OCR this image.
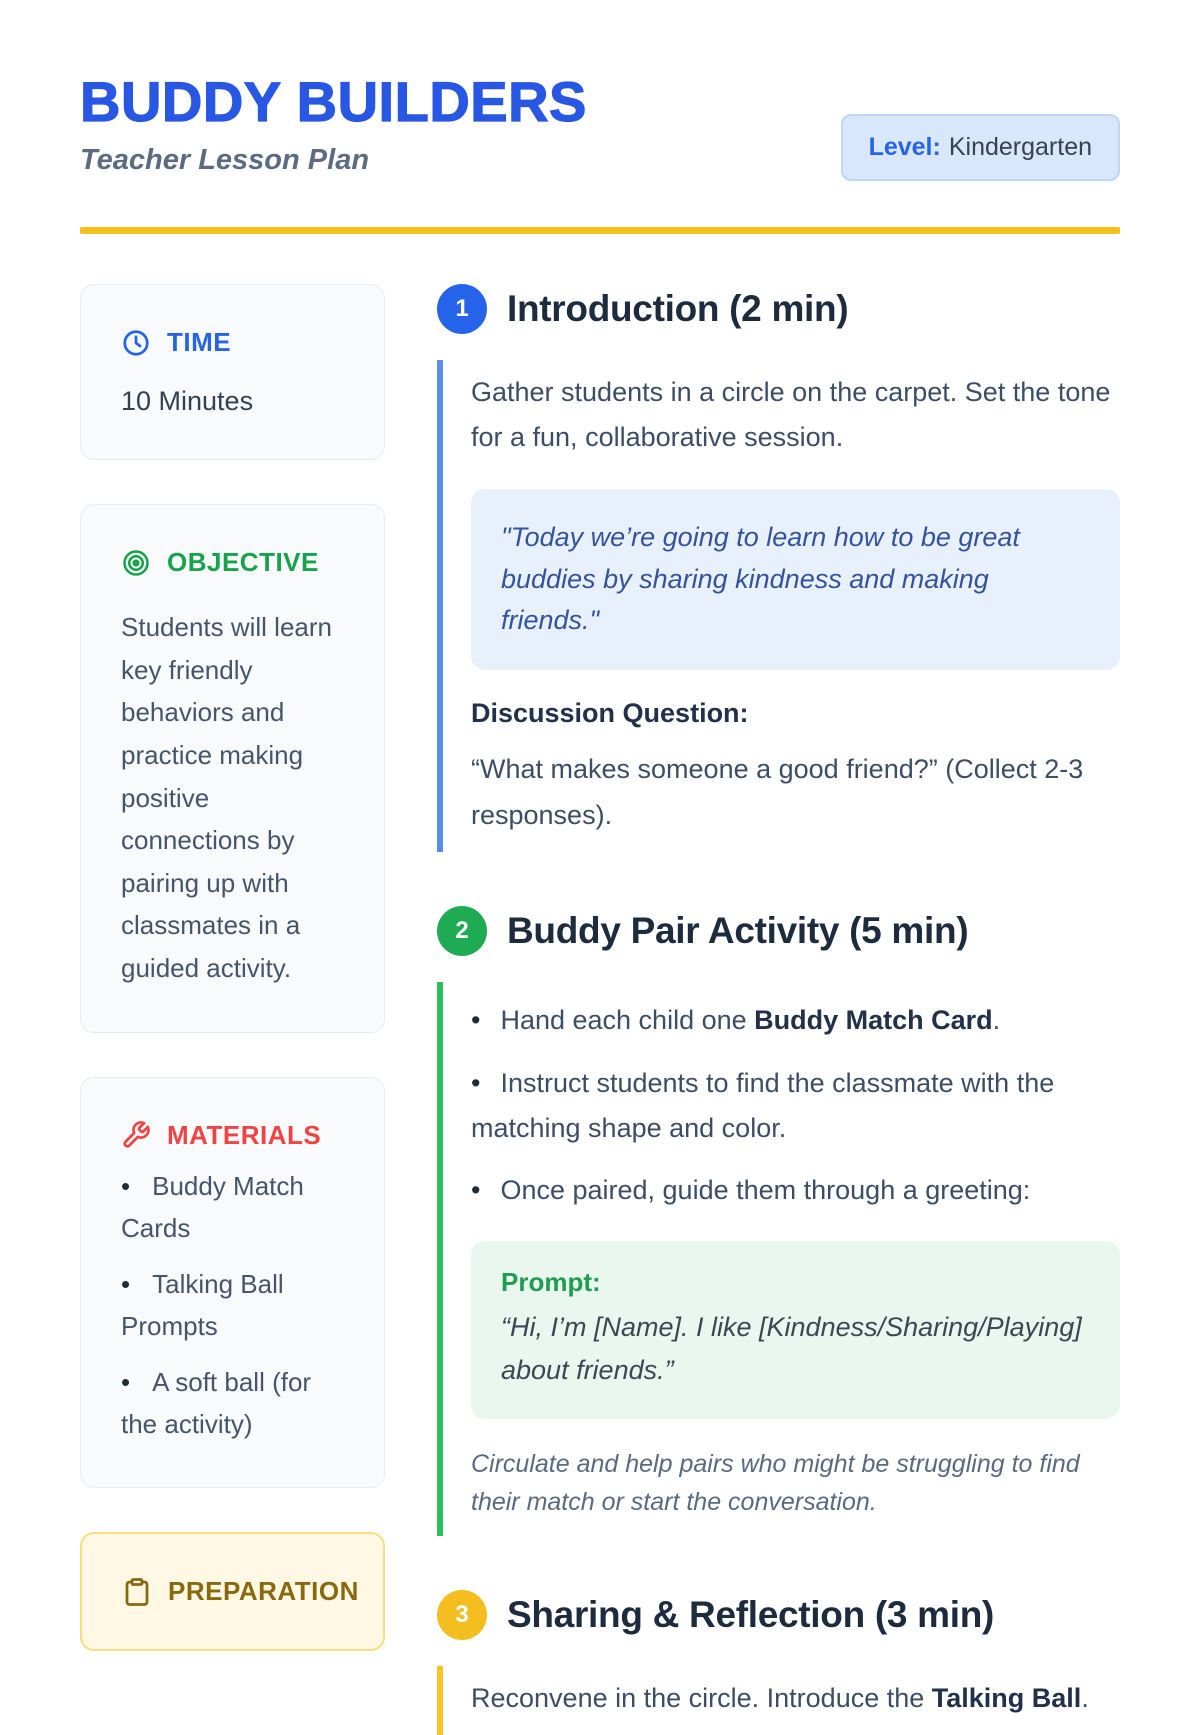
BUDDY BUILDERS
Teacher Lesson Plan	Level: Kindergarten
TIME
10 Minutes
OBJECTIVE
Students will learn key friendly behaviors and practice making positive connections by pairing up with classmates in a guided activity.
MATERIALS
• Buddy Match Cards
• Talking Ball Prompts
• A soft ball (for the activity)
PREPARATION
1	Introduction (2 min)
Gather students in a circle on the carpet. Set the tone for a fun, collaborative session.
"Today we’re going to learn how to be great buddies by sharing kindness and making friends."
Discussion Question:
“What makes someone a good friend?” (Collect 2-3 responses).
2	Buddy Pair Activity (5 min)
• Hand each child one Buddy Match Card.
• Instruct students to find the classmate with the matching shape and color.
• Once paired, guide them through a greeting:
Prompt:
“Hi, I’m [Name]. I like [Kindness/Sharing/Playing] about friends.”
Circulate and help pairs who might be struggling to find their match or start the conversation.
3	Sharing & Reflection (3 min)
Reconvene in the circle. Introduce the Talking Ball.
